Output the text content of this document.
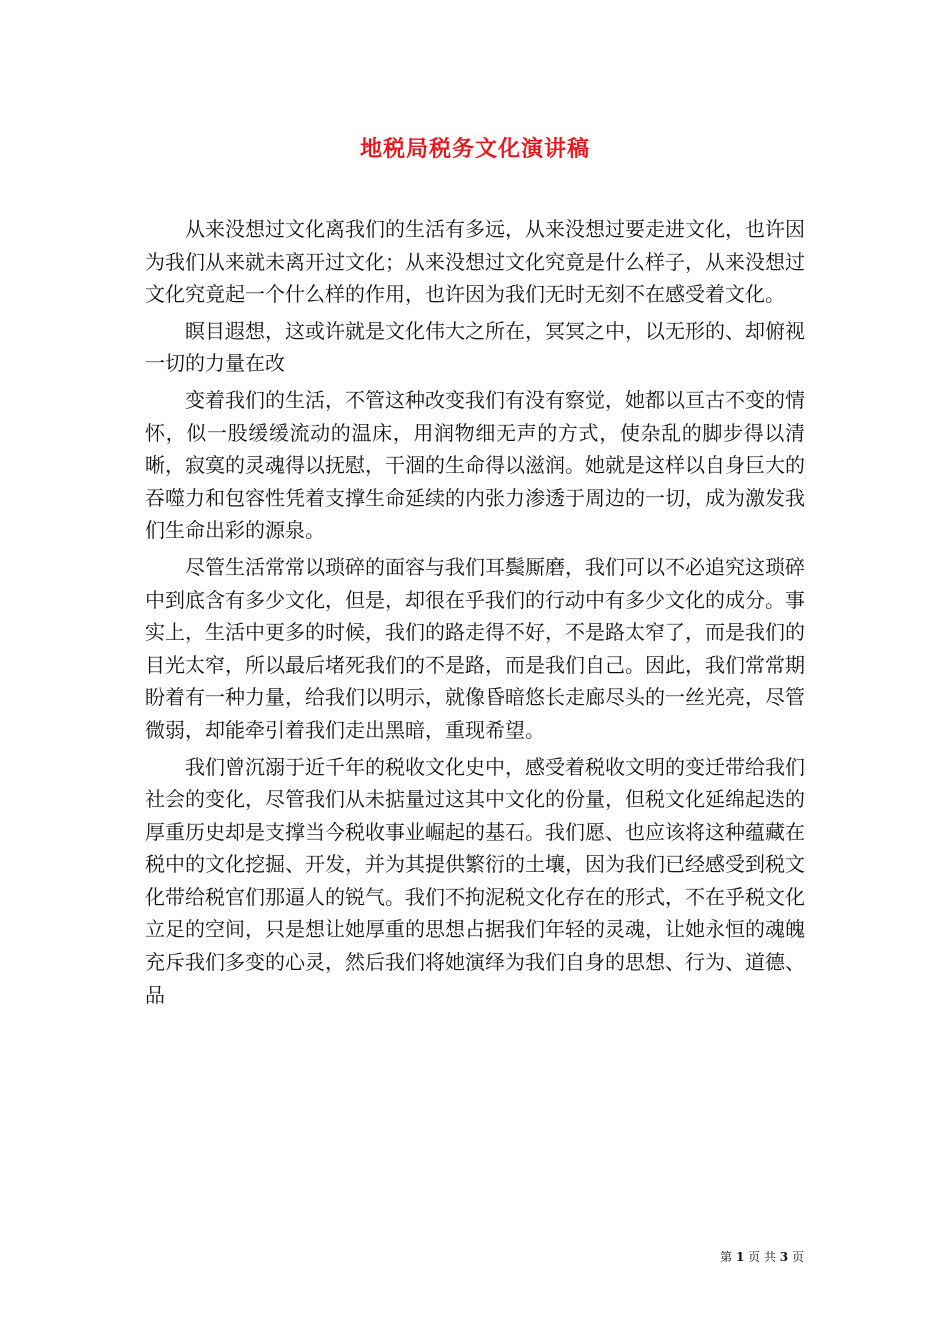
地税局税务文化演讲稿

从来没想过文化离我们的生活有多远，从来没想过要走进文化，也许因为我们从来就未离开过文化；从来没想过文化究竟是什么样子，从来没想过文化究竟起一个什么样的作用，也许因为我们无时无刻不在感受着文化。

瞑目遐想，这或许就是文化伟大之所在，冥冥之中，以无形的、却俯视一切的力量在改

变着我们的生活，不管这种改变我们有没有察觉，她都以亘古不变的情怀，似一股缓缓流动的温床，用润物细无声的方式，使杂乱的脚步得以清晰，寂寞的灵魂得以抚慰，干涸的生命得以滋润。她就是这样以自身巨大的吞噬力和包容性凭着支撑生命延续的内张力渗透于周边的一切，成为激发我们生命出彩的源泉。

尽管生活常常以琐碎的面容与我们耳鬓厮磨，我们可以不必追究这琐碎中到底含有多少文化，但是，却很在乎我们的行动中有多少文化的成分。事实上，生活中更多的时候，我们的路走得不好，不是路太窄了，而是我们的目光太窄，所以最后堵死我们的不是路，而是我们自己。因此，我们常常期盼着有一种力量，给我们以明示，就像昏暗悠长走廊尽头的一丝光亮，尽管微弱，却能牵引着我们走出黑暗，重现希望。

我们曾沉溺于近千年的税收文化史中，感受着税收文明的变迁带给我们社会的变化，尽管我们从未掂量过这其中文化的份量，但税文化延绵起迭的厚重历史却是支撑当今税收事业崛起的基石。我们愿、也应该将这种蕴藏在税中的文化挖掘、开发，并为其提供繁衍的土壤，因为我们已经感受到税文化带给税官们那逼人的锐气。我们不拘泥税文化存在的形式，不在乎税文化立足的空间，只是想让她厚重的思想占据我们年轻的灵魂，让她永恒的魂魄充斥我们多变的心灵，然后我们将她演绎为我们自身的思想、行为、道德、品

第 1 页 共 3 页
